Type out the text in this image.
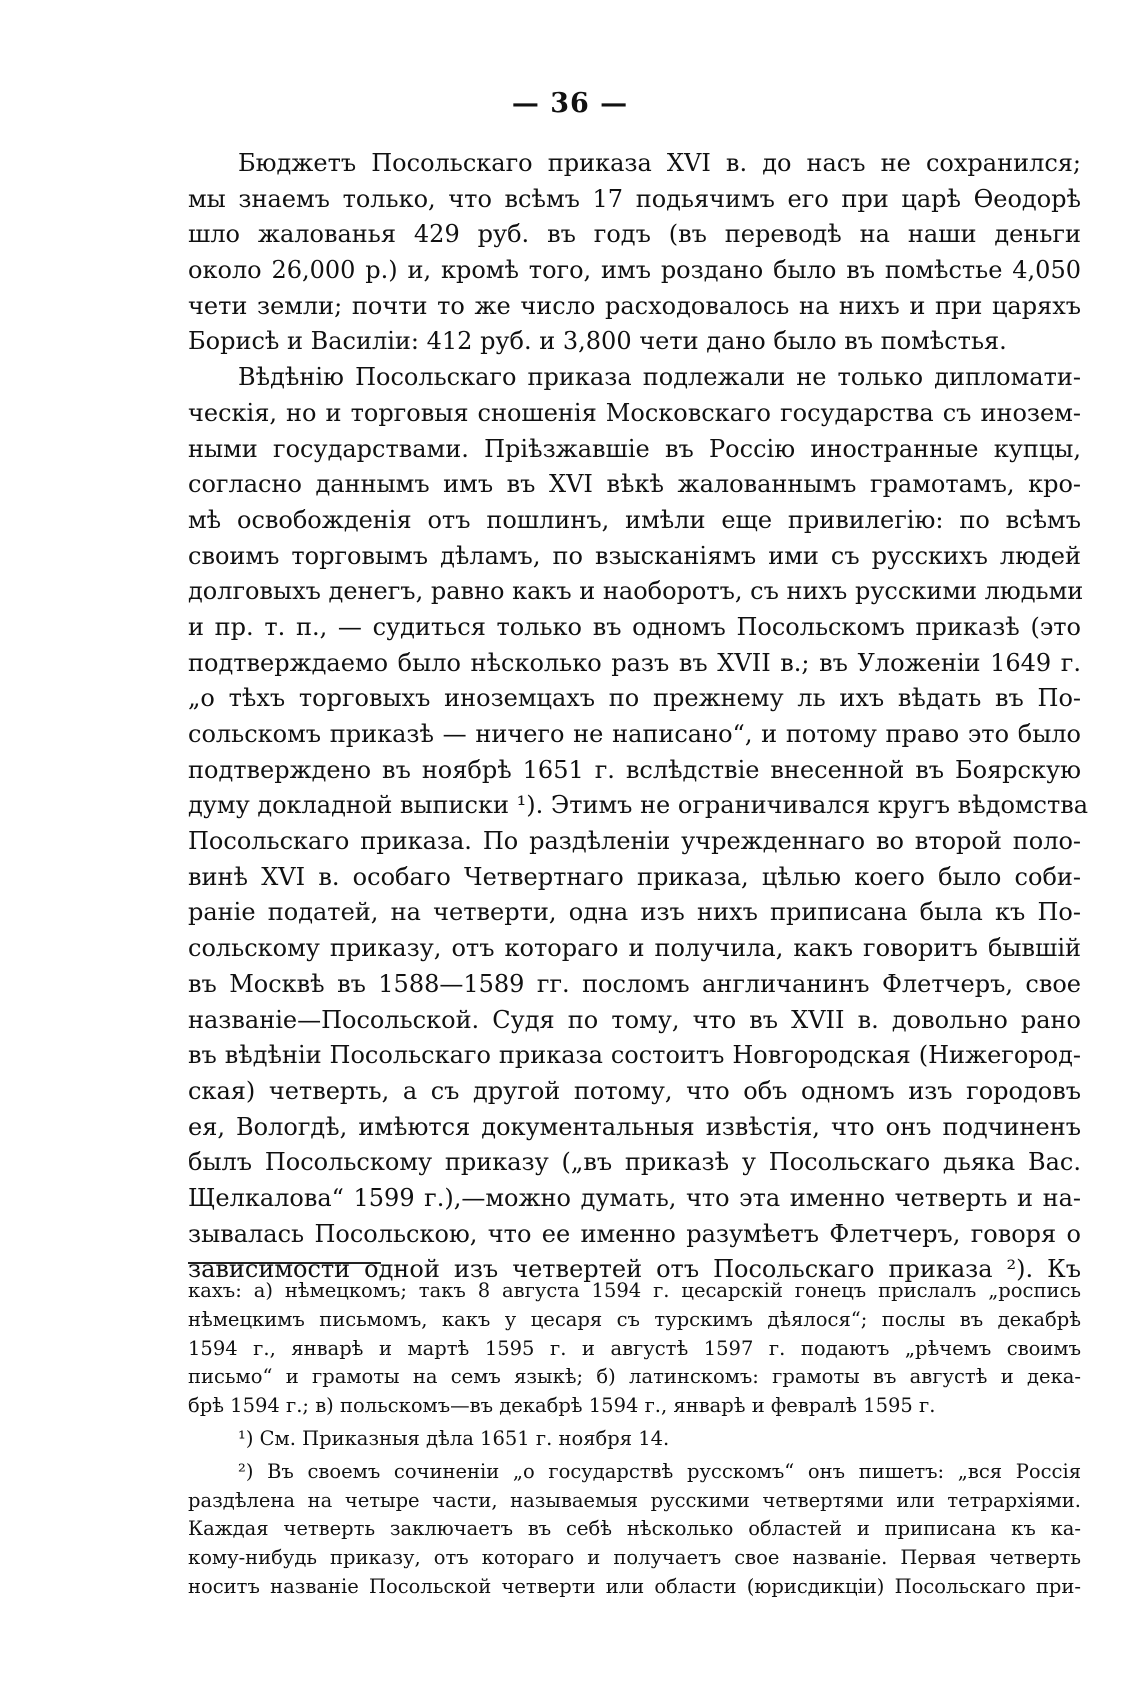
— 36 —
Бюджетъ Посольскаго приказа XVI в. до насъ не сохранился;
мы знаемъ только, что всѣмъ 17 подьячимъ его при царѣ Ѳеодорѣ
шло жалованья 429 руб. въ годъ (въ переводѣ на наши деньги
около 26,000 р.) и, кромѣ того, имъ роздано было въ помѣстье 4,050
чети земли; почти то же число расходовалось на нихъ и при царяхъ
Борисѣ и Василіи: 412 руб. и 3,800 чети дано было въ помѣстья.
Вѣдѣнію Посольскаго приказа подлежали не только дипломати-
ческія, но и торговыя сношенія Московскаго государства съ инозем-
ными государствами. Пріѣзжавшіе въ Россію иностранные купцы,
согласно даннымъ имъ въ XVI вѣкѣ жалованнымъ грамотамъ, кро-
мѣ освобожденія отъ пошлинъ, имѣли еще привилегію: по всѣмъ
своимъ торговымъ дѣламъ, по взысканіямъ ими съ русскихъ людей
долговыхъ денегъ, равно какъ и наоборотъ, съ нихъ русскими людьми
и пр. т. п., — судиться только въ одномъ Посольскомъ приказѣ (это
подтверждаемо было нѣсколько разъ въ XVII в.; въ Уложеніи 1649 г.
„о тѣхъ торговыхъ иноземцахъ по прежнему ль ихъ вѣдать въ По-
сольскомъ приказѣ — ничего не написано“, и потому право это было
подтверждено въ ноябрѣ 1651 г. вслѣдствіе внесенной въ Боярскую
думу докладной выписки ¹). Этимъ не ограничивался кругъ вѣдомства
Посольскаго приказа. По раздѣленіи учрежденнаго во второй поло-
винѣ XVI в. особаго Четвертнаго приказа, цѣлью коего было соби-
раніе податей, на четверти, одна изъ нихъ приписана была къ По-
сольскому приказу, отъ котораго и получила, какъ говоритъ бывшій
въ Москвѣ въ 1588—1589 гг. посломъ англичанинъ Флетчеръ, свое
названіе—Посольской. Судя по тому, что въ XVII в. довольно рано
въ вѣдѣніи Посольскаго приказа состоитъ Новгородская (Нижегород-
ская) четверть, а съ другой потому, что объ одномъ изъ городовъ
ея, Вологдѣ, имѣются документальныя извѣстія, что онъ подчиненъ
былъ Посольскому приказу („въ приказѣ у Посольскаго дьяка Вас.
Щелкалова“ 1599 г.),—можно думать, что эта именно четверть и на-
зывалась Посольскою, что ее именно разумѣетъ Флетчеръ, говоря о
зависимости одной изъ четвертей отъ Посольскаго приказа ²). Къ
кахъ: а) нѣмецкомъ; такъ 8 августа 1594 г. цесарскій гонецъ прислалъ „роспись
нѣмецкимъ письмомъ, какъ у цесаря съ турскимъ дѣялося“; послы въ декабрѣ
1594 г., январѣ и мартѣ 1595 г. и августѣ 1597 г. подаютъ „рѣчемъ своимъ
письмо“ и грамоты на семъ языкѣ; б) латинскомъ: грамоты въ августѣ и дека-
брѣ 1594 г.; в) польскомъ—въ декабрѣ 1594 г., январѣ и февралѣ 1595 г.
¹) См. Приказныя дѣла 1651 г. ноября 14.
²) Въ своемъ сочиненіи „о государствѣ русскомъ“ онъ пишетъ: „вся Россія
раздѣлена на четыре части, называемыя русскими четвертями или тетрархіями.
Каждая четверть заключаетъ въ себѣ нѣсколько областей и приписана къ ка-
кому-нибудь приказу, отъ котораго и получаетъ свое названіе. Первая четверть
носитъ названіе Посольской четверти или области (юрисдикціи) Посольскаго при-
